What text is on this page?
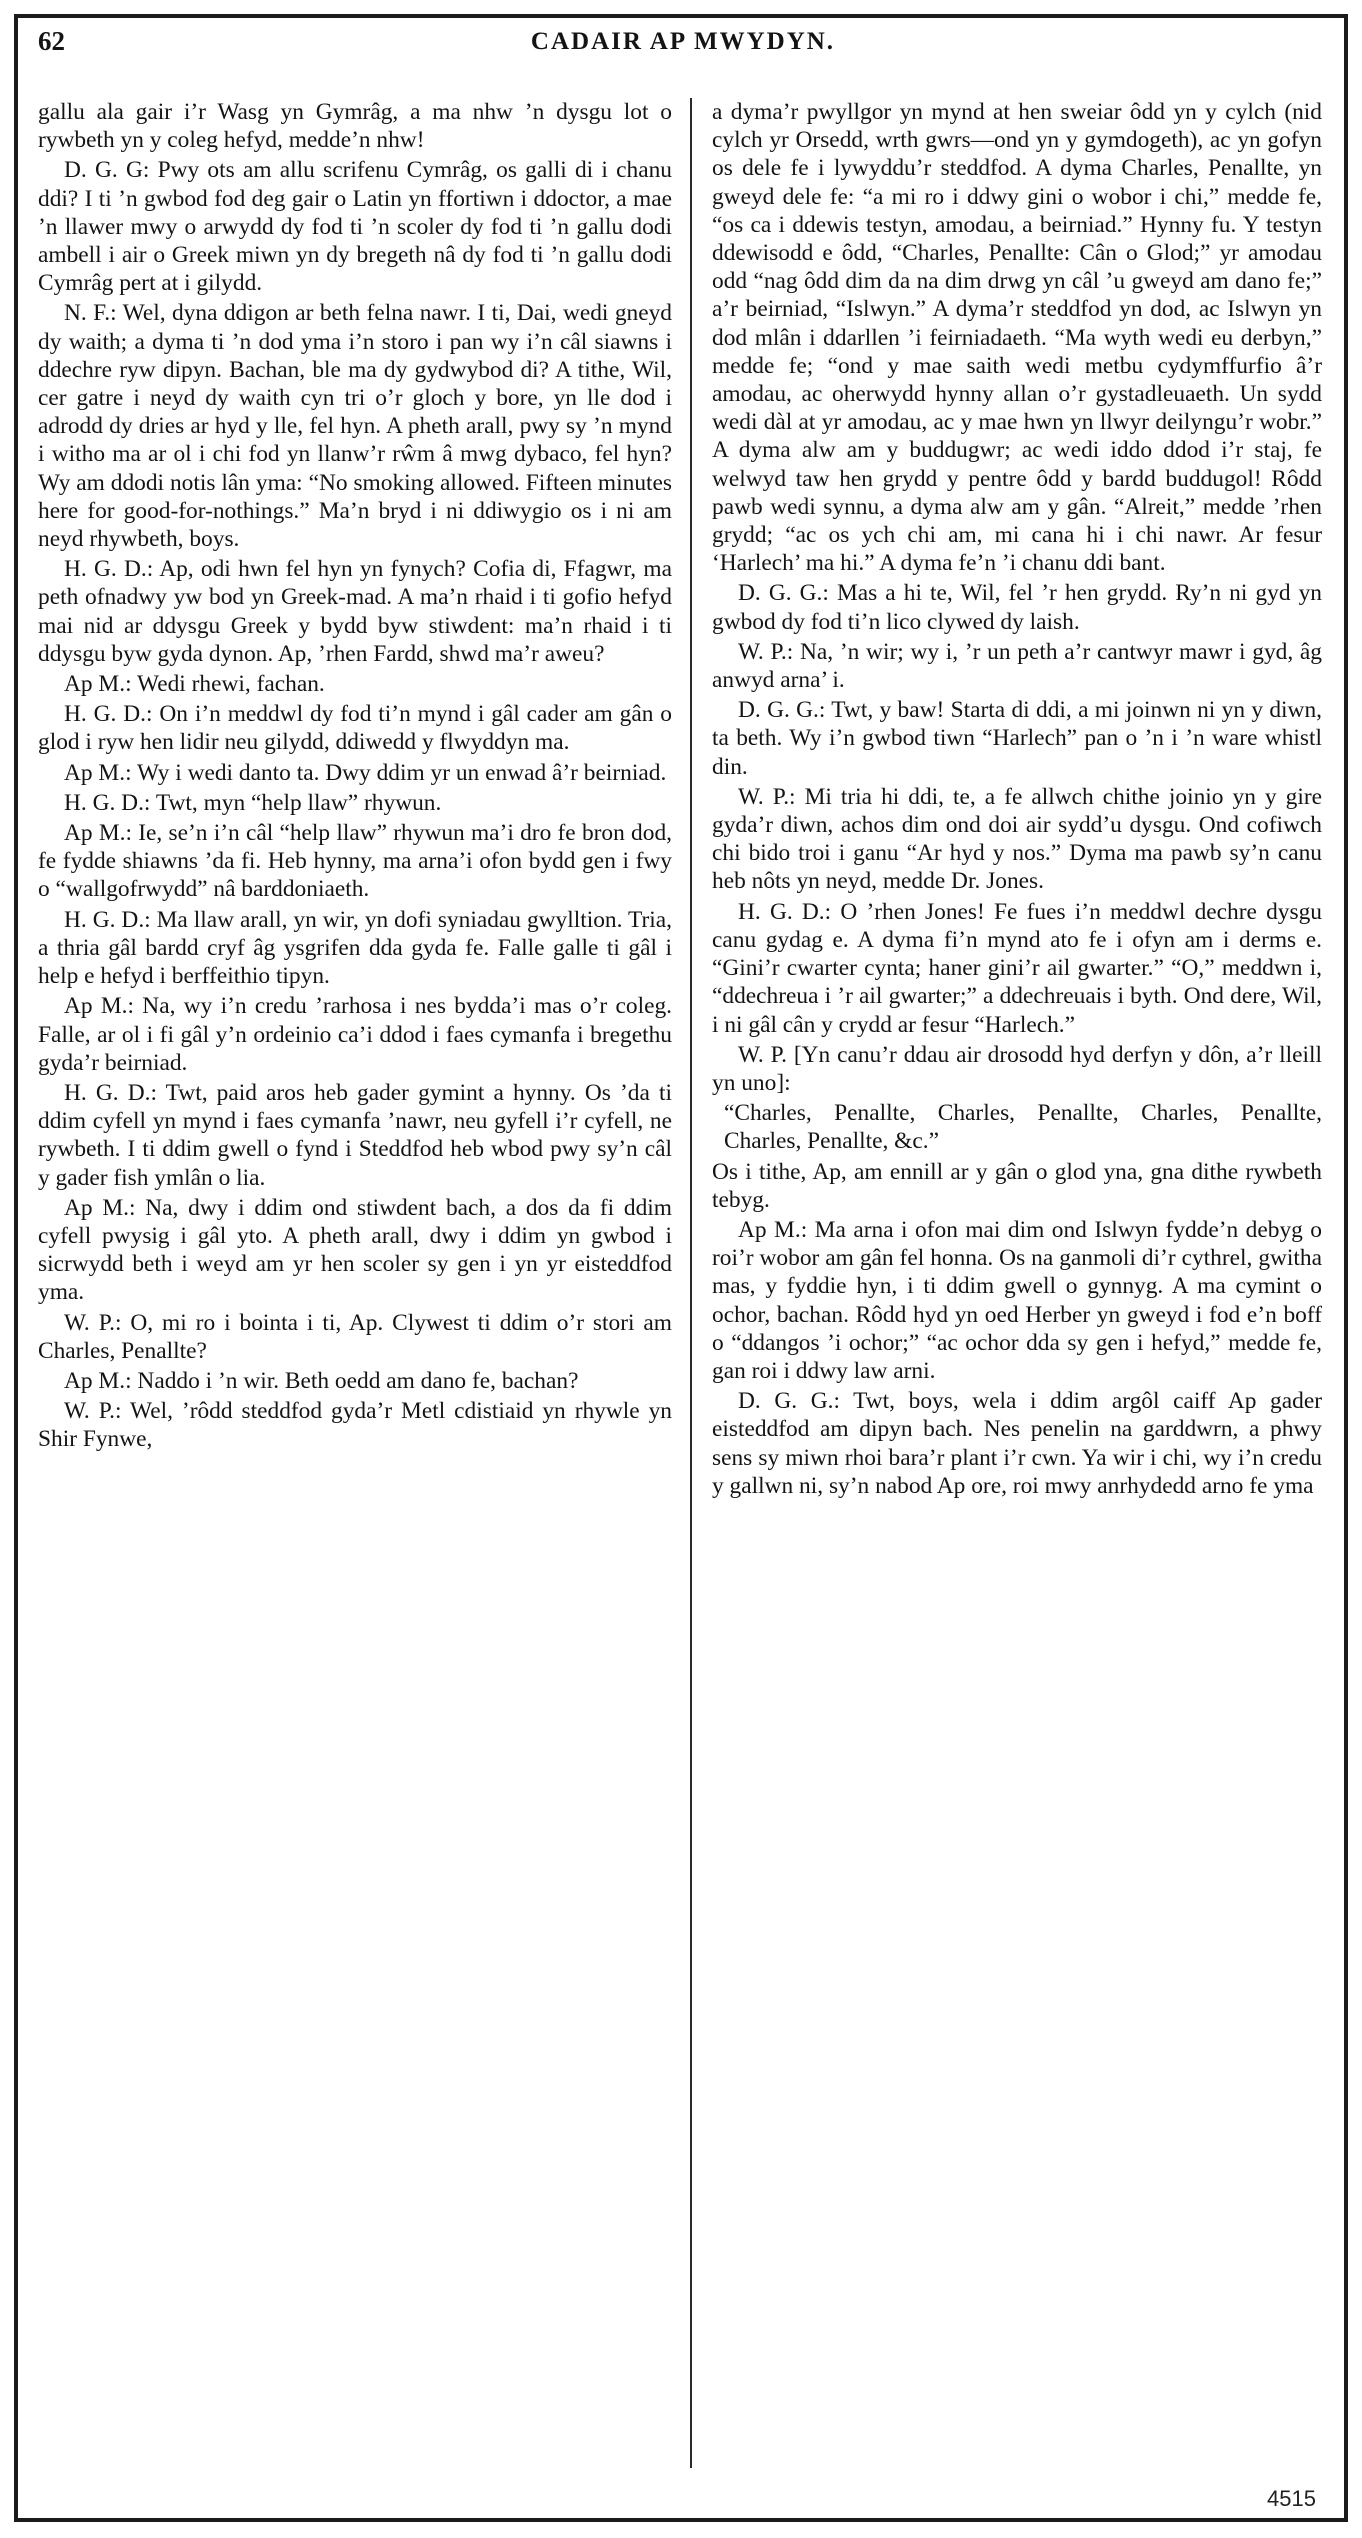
62	CADAIR AP MWYDYN.

gallu ala gair i’r Wasg yn Gymrâg, a ma nhw ’n dysgu lot o rywbeth yn y coleg hefyd, medde’n nhw!

D. G. G: Pwy ots am allu scrifenu Cymrâg, os galli di i chanu ddi? I ti ’n gwbod fod deg gair o Latin yn ffortiwn i ddoctor, a mae ’n llawer mwy o arwydd dy fod ti ’n scoler dy fod ti ’n gallu dodi ambell i air o Greek miwn yn dy bregeth nâ dy fod ti ’n gallu dodi Cymrâg pert at i gilydd.

N. F.: Wel, dyna ddigon ar beth felna nawr. I ti, Dai, wedi gneyd dy waith; a dyma ti ’n dod yma i’n storo i pan wy i’n câl siawns i ddechre ryw dipyn. Bachan, ble ma dy gydwybod di? A tithe, Wil, cer gatre i neyd dy waith cyn tri o’r gloch y bore, yn lle dod i adrodd dy dries ar hyd y lle, fel hyn. A pheth arall, pwy sy ’n mynd i witho ma ar ol i chi fod yn llanw’r rŵm â mwg dybaco, fel hyn? Wy am ddodi notis lân yma: “No smoking allowed. Fifteen minutes here for good-for-nothings.” Ma’n bryd i ni ddiwygio os i ni am neyd rhywbeth, boys.

H. G. D.: Ap, odi hwn fel hyn yn fynych? Cofia di, Ffagwr, ma peth ofnadwy yw bod yn Greek-mad. A ma’n rhaid i ti gofio hefyd mai nid ar ddysgu Greek y bydd byw stiwdent: ma’n rhaid i ti ddysgu byw gyda dynon. Ap, ’rhen Fardd, shwd ma’r aweu?

Ap M.: Wedi rhewi, fachan.

H. G. D.: On i’n meddwl dy fod ti’n mynd i gâl cader am gân o glod i ryw hen lidir neu gilydd, ddiwedd y flwyddyn ma.

Ap M.: Wy i wedi danto ta. Dwy ddim yr un enwad â’r beirniad.

H. G. D.: Twt, myn “help llaw” rhywun.

Ap M.: Ie, se’n i’n câl “help llaw” rhywun ma’i dro fe bron dod, fe fydde shiawns ’da fi. Heb hynny, ma arna’i ofon bydd gen i fwy o “wallgofrwydd” nâ barddoniaeth.

H. G. D.: Ma llaw arall, yn wir, yn dofi syniadau gwylltion. Tria, a thria gâl bardd cryf âg ysgrifen dda gyda fe. Falle galle ti gâl i help e hefyd i berffeithio tipyn.

Ap M.: Na, wy i’n credu ’rarhosa i nes bydda’i mas o’r coleg. Falle, ar ol i fi gâl y’n ordeinio ca’i ddod i faes cymanfa i bregethu gyda’r beirniad.

H. G. D.: Twt, paid aros heb gader gymint a hynny. Os ’da ti ddim cyfell yn mynd i faes cymanfa ’nawr, neu gyfell i’r cyfell, ne rywbeth. I ti ddim gwell o fynd i Steddfod heb wbod pwy sy’n câl y gader fish ymlân o lia.

Ap M.: Na, dwy i ddim ond stiwdent bach, a dos da fi ddim cyfell pwysig i gâl yto. A pheth arall, dwy i ddim yn gwbod i sicrwydd beth i weyd am yr hen scoler sy gen i yn yr eisteddfod yma.

W. P.: O, mi ro i bointa i ti, Ap. Clywest ti ddim o’r stori am Charles, Penallte?

Ap M.: Naddo i ’n wir. Beth oedd am dano fe, bachan?

W. P.: Wel, ’rôdd steddfod gyda’r Metl cdistiaid yn rhywle yn Shir Fynwe,

a dyma’r pwyllgor yn mynd at hen sweiar ôdd yn y cylch (nid cylch yr Orsedd, wrth gwrs—ond yn y gymdogeth), ac yn gofyn os dele fe i lywyddu’r steddfod. A dyma Charles, Penallte, yn gweyd dele fe: “a mi ro i ddwy gini o wobor i chi,” medde fe, “os ca i ddewis testyn, amodau, a beirniad.” Hynny fu. Y testyn ddewisodd e ôdd, “Charles, Penallte: Cân o Glod;” yr amodau odd “nag ôdd dim da na dim drwg yn câl ’u gweyd am dano fe;” a’r beirniad, “Islwyn.” A dyma’r steddfod yn dod, ac Islwyn yn dod mlân i ddarllen ’i feirniadaeth. “Ma wyth wedi eu derbyn,” medde fe; “ond y mae saith wedi metbu cydymffurfio â’r amodau, ac oherwydd hynny allan o’r gystadleuaeth. Un sydd wedi dàl at yr amodau, ac y mae hwn yn llwyr deilyngu’r wobr.” A dyma alw am y buddugwr; ac wedi iddo ddod i’r staj, fe welwyd taw hen grydd y pentre ôdd y bardd buddugol! Rôdd pawb wedi synnu, a dyma alw am y gân. “Alreit,” medde ’rhen grydd; “ac os ych chi am, mi cana hi i chi nawr. Ar fesur ‘Harlech’ ma hi.” A dyma fe’n ’i chanu ddi bant.

D. G. G.: Mas a hi te, Wil, fel ’r hen grydd. Ry’n ni gyd yn gwbod dy fod ti’n lico clywed dy laish.

W. P.: Na, ’n wir; wy i, ’r un peth a’r cantwyr mawr i gyd, âg anwyd arna’ i.

D. G. G.: Twt, y baw! Starta di ddi, a mi joinwn ni yn y diwn, ta beth. Wy i’n gwbod tiwn “Harlech” pan o ’n i ’n ware whistl din.

W. P.: Mi tria hi ddi, te, a fe allwch chithe joinio yn y gire gyda’r diwn, achos dim ond doi air sydd’u dysgu. Ond cofiwch chi bido troi i ganu “Ar hyd y nos.” Dyma ma pawb sy’n canu heb nôts yn neyd, medde Dr. Jones.

H. G. D.: O ’rhen Jones! Fe fues i’n meddwl dechre dysgu canu gydag e. A dyma fi’n mynd ato fe i ofyn am i derms e. “Gini’r cwarter cynta; haner gini’r ail gwarter.” “O,” meddwn i, “ddechreua i ’r ail gwarter;” a ddechreuais i byth. Ond dere, Wil, i ni gâl cân y crydd ar fesur “Harlech.”

W. P. [Yn canu’r ddau air drosodd hyd derfyn y dôn, a’r lleill yn uno]:

“Charles, Penallte, Charles, Penallte, Charles, Penallte, Charles, Penallte, &c.”

Os i tithe, Ap, am ennill ar y gân o glod yna, gna dithe rywbeth tebyg.

Ap M.: Ma arna i ofon mai dim ond Islwyn fydde’n debyg o roi’r wobor am gân fel honna. Os na ganmoli di’r cythrel, gwitha mas, y fyddie hyn, i ti ddim gwell o gynnyg. A ma cymint o ochor, bachan. Rôdd hyd yn oed Herber yn gweyd i fod e’n boff o “ddangos ’i ochor;” “ac ochor dda sy gen i hefyd,” medde fe, gan roi i ddwy law arni.

D. G. G.: Twt, boys, wela i ddim argôl caiff Ap gader eisteddfod am dipyn bach. Nes penelin na garddwrn, a phwy sens sy miwn rhoi bara’r plant i’r cwn. Ya wir i chi, wy i’n credu y gallwn ni, sy’n nabod Ap ore, roi mwy anrhydedd arno fe yma

4515
